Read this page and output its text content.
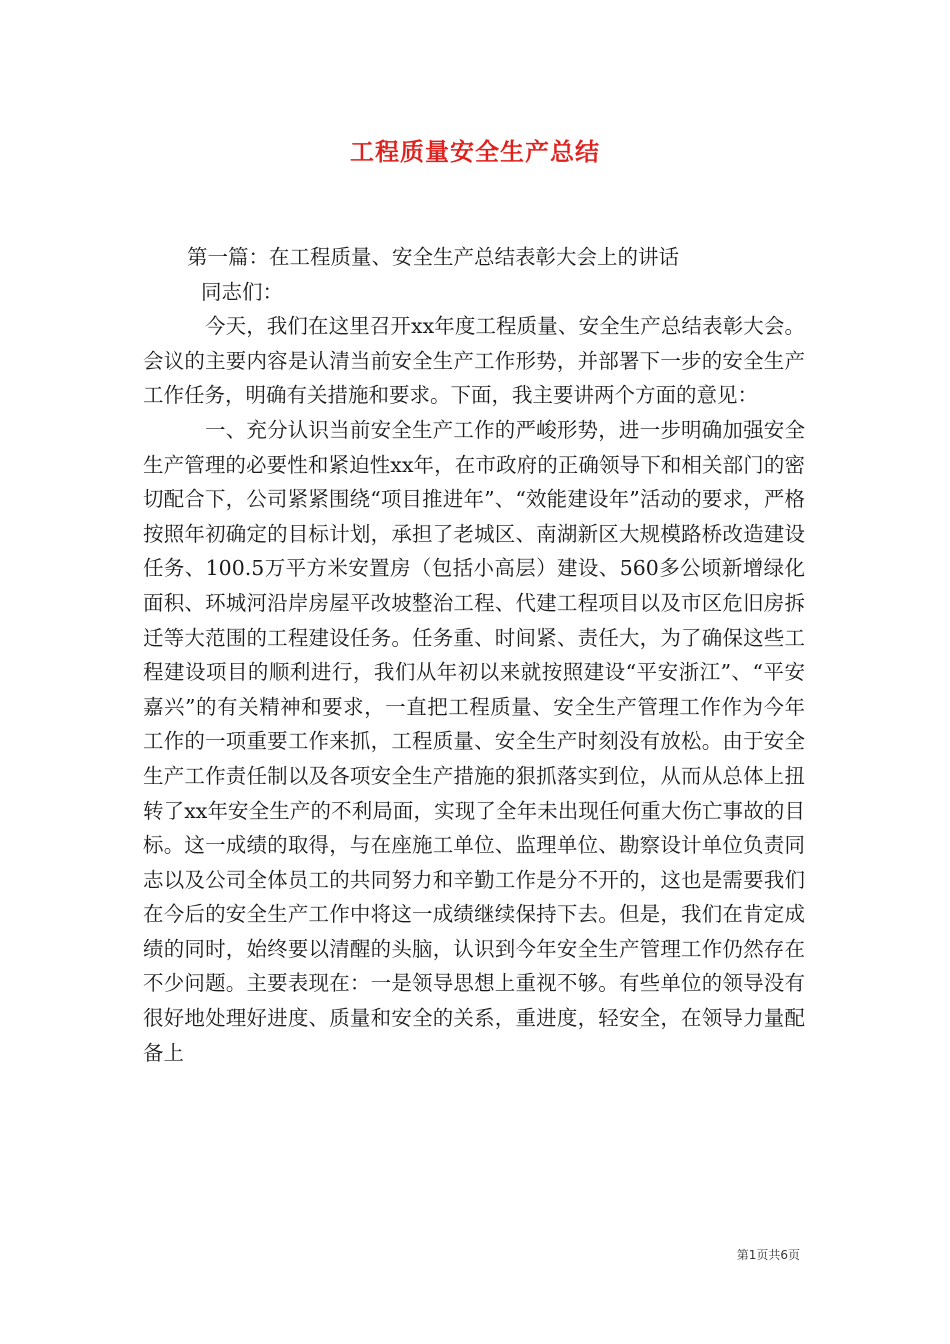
工程质量安全生产总结

第一篇：在工程质量、安全生产总结表彰大会上的讲话

同志们：

今天，我们在这里召开xx年度工程质量、安全生产总结表彰大会。会议的主要内容是认清当前安全生产工作形势，并部署下一步的安全生产工作任务，明确有关措施和要求。下面，我主要讲两个方面的意见：

一、充分认识当前安全生产工作的严峻形势，进一步明确加强安全生产管理的必要性和紧迫性xx年，在市政府的正确领导下和相关部门的密切配合下，公司紧紧围绕“项目推进年”、“效能建设年”活动的要求，严格按照年初确定的目标计划，承担了老城区、南湖新区大规模路桥改造建设任务、100.5万平方米安置房（包括小高层）建设、560多公顷新增绿化面积、环城河沿岸房屋平改坡整治工程、代建工程项目以及市区危旧房拆迁等大范围的工程建设任务。任务重、时间紧、责任大，为了确保这些工程建设项目的顺利进行，我们从年初以来就按照建设“平安浙江”、“平安嘉兴”的有关精神和要求，一直把工程质量、安全生产管理工作作为今年工作的一项重要工作来抓，工程质量、安全生产时刻没有放松。由于安全生产工作责任制以及各项安全生产措施的狠抓落实到位，从而从总体上扭转了xx年安全生产的不利局面，实现了全年未出现任何重大伤亡事故的目标。这一成绩的取得，与在座施工单位、监理单位、勘察设计单位负责同志以及公司全体员工的共同努力和辛勤工作是分不开的，这也是需要我们在今后的安全生产工作中将这一成绩继续保持下去。但是，我们在肯定成绩的同时，始终要以清醒的头脑，认识到今年安全生产管理工作仍然存在不少问题。主要表现在：一是领导思想上重视不够。有些单位的领导没有很好地处理好进度、质量和安全的关系，重进度，轻安全，在领导力量配备上

第1页共6页
